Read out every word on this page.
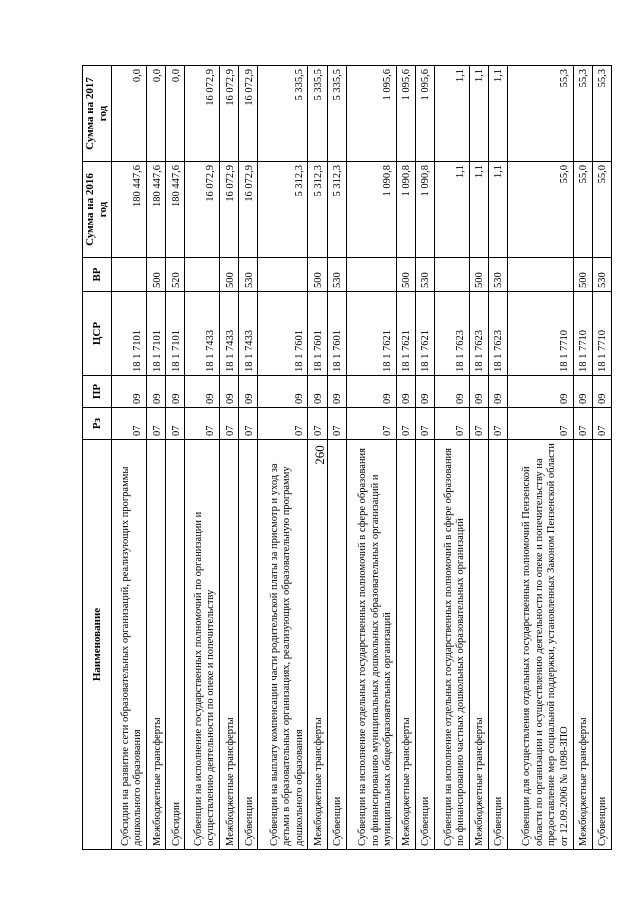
260
Наименование	Рз	ПР	ЦСР	ВР	Сумма на 2016 год	Сумма на 2017 год
Субсидии на развитие сети образовательных организаций, реализующих программы дошкольного образования	07	09	18 1 7101		180 447,6	0,0
Межбюджетные трансферты	07	09	18 1 7101	500	180 447,6	0,0
Субсидии	07	09	18 1 7101	520	180 447,6	0,0
Субвенции на исполнение государственных полномочий по организации и осуществлению деятельности по опеке и попечительству	07	09	18 1 7433		16 072,9	16 072,9
Межбюджетные трансферты	07	09	18 1 7433	500	16 072,9	16 072,9
Субвенции	07	09	18 1 7433	530	16 072,9	16 072,9
Субвенции на выплату компенсации части родительской платы за присмотр и уход за детьми в образовательных организациях, реализующих образовательную программу дошкольного образования	07	09	18 1 7601		5 312,3	5 335,5
Межбюджетные трансферты	07	09	18 1 7601	500	5 312,3	5 335,5
Субвенции	07	09	18 1 7601	530	5 312,3	5 335,5
Субвенции на исполнение отдельных государственных полномочий в сфере образования по финансированию муниципальных дошкольных образовательных организаций и муниципальных общеобразовательных организаций	07	09	18 1 7621		1 090,8	1 095,6
Межбюджетные трансферты	07	09	18 1 7621	500	1 090,8	1 095,6
Субвенции	07	09	18 1 7621	530	1 090,8	1 095,6
Субвенции на исполнение отдельных государственных полномочий в сфере образования по финансированию частных дошкольных образовательных организаций	07	09	18 1 7623		1,1	1,1
Межбюджетные трансферты	07	09	18 1 7623	500	1,1	1,1
Субвенции	07	09	18 1 7623	530	1,1	1,1
Субвенции для осуществления отдельных государственных полномочий Пензенской области по организации и осуществлению деятельности по опеке и попечительству на предоставление мер социальной поддержки, установленных Законом Пензенской области от 12.09.2006 № 1098-ЗПО	07	09	18 1 7710		55,0	55,3
Межбюджетные трансферты	07	09	18 1 7710	500	55,0	55,3
Субвенции	07	09	18 1 7710	530	55,0	55,3
